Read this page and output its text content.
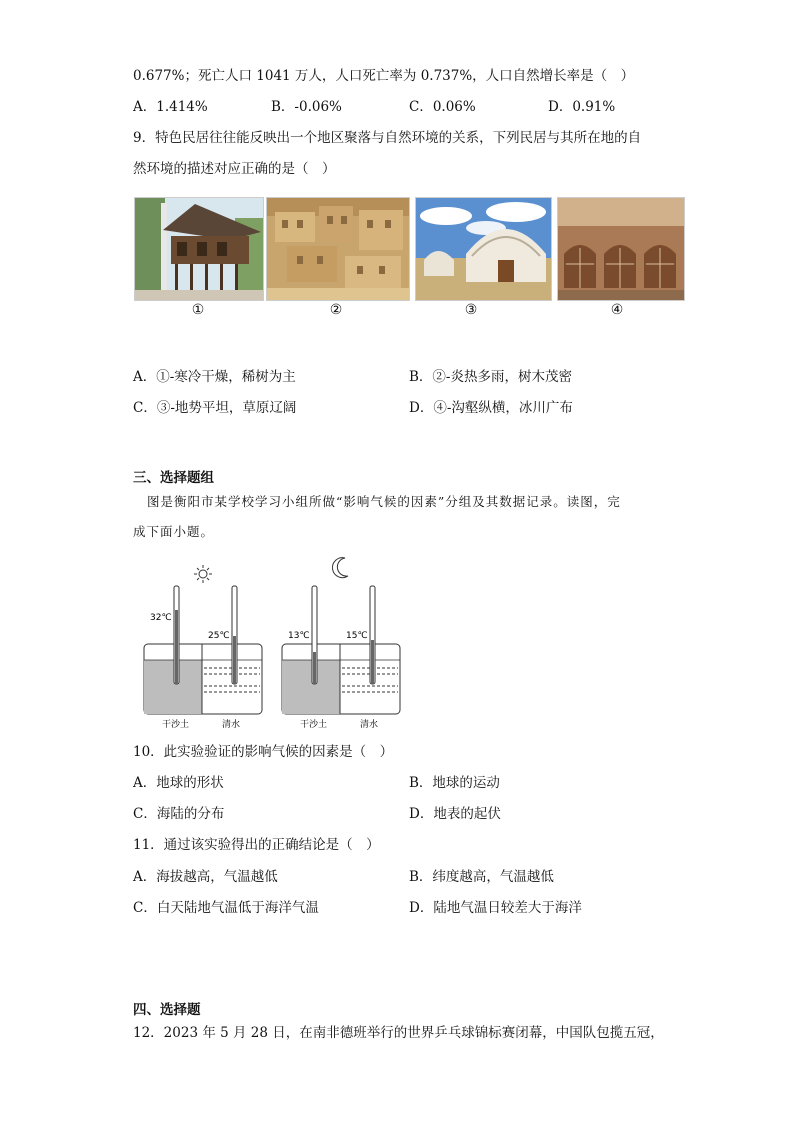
0.677%；死亡人口 1041 万人，人口死亡率为 0.737%，人口自然增长率是（　）
A．1.414%	B．-0.06%	C．0.06%	D．0.91%
9．特色民居往往能反映出一个地区聚落与自然环境的关系，下列民居与其所在地的自
然环境的描述对应正确的是（　）
①	②	③	④
A．①-寒冷干燥，稀树为主	B．②-炎热多雨，树木茂密
C．③-地势平坦，草原辽阔	D．④-沟壑纵横，冰川广布
三、选择题组
图是衡阳市某学校学习小组所做“影响气候的因素”分组及其数据记录。读图，完
成下面小题。
32℃
25℃
干沙土	清水
13℃	15℃
干沙土	清水
10．此实验验证的影响气候的因素是（　）
A．地球的形状	B．地球的运动
C．海陆的分布	D．地表的起伏
11．通过该实验得出的正确结论是（　）
A．海拔越高，气温越低	B．纬度越高，气温越低
C．白天陆地气温低于海洋气温	D．陆地气温日较差大于海洋
四、选择题
12．2023 年 5 月 28 日，在南非德班举行的世界乒乓球锦标赛闭幕，中国队包揽五冠，
